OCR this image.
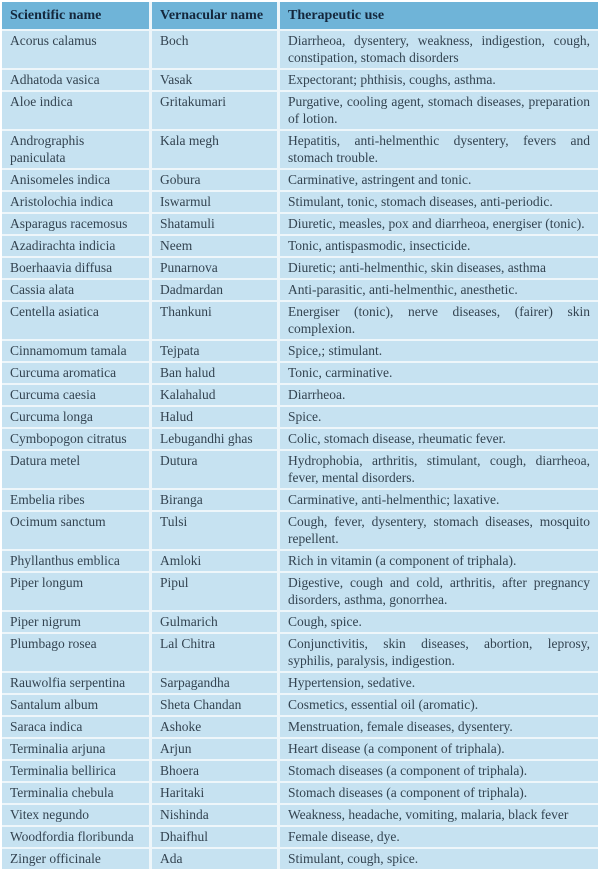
Scientific name	Vernacular name	Therapeutic use
Acorus calamus	Boch	Diarrheoa, dysentery, weakness, indigestion, cough, constipation, stomach disorders
Adhatoda vasica	Vasak	Expectorant; phthisis, coughs, asthma.
Aloe indica	Gritakumari	Purgative, cooling agent, stomach diseases, preparation of lotion.
Andrographis paniculata	Kala megh	Hepatitis, anti-helmenthic dysentery, fevers and stomach trouble.
Anisomeles indica	Gobura	Carminative, astringent and tonic.
Aristolochia indica	Iswarmul	Stimulant, tonic, stomach diseases, anti-periodic.
Asparagus racemosus	Shatamuli	Diuretic, measles, pox and diarrheoa, energiser (tonic).
Azadirachta indicia	Neem	Tonic, antispasmodic, insecticide.
Boerhaavia diffusa	Punarnova	Diuretic; anti-helmenthic, skin diseases, asthma
Cassia alata	Dadmardan	Anti-parasitic, anti-helmenthic, anesthetic.
Centella asiatica	Thankuni	Energiser (tonic), nerve diseases, (fairer) skin complexion.
Cinnamomum tamala	Tejpata	Spice,; stimulant.
Curcuma aromatica	Ban halud	Tonic, carminative.
Curcuma caesia	Kalahalud	Diarrheoa.
Curcuma longa	Halud	Spice.
Cymbopogon citratus	Lebugandhi ghas	Colic, stomach disease, rheumatic fever.
Datura metel	Dutura	Hydrophobia, arthritis, stimulant, cough, diarrheoa, fever, mental disorders.
Embelia ribes	Biranga	Carminative, anti-helmenthic; laxative.
Ocimum sanctum	Tulsi	Cough, fever, dysentery, stomach diseases, mosquito repellent.
Phyllanthus emblica	Amloki	Rich in vitamin (a component of triphala).
Piper longum	Pipul	Digestive, cough and cold, arthritis, after pregnancy disorders, asthma, gonorrhea.
Piper nigrum	Gulmarich	Cough, spice.
Plumbago rosea	Lal Chitra	Conjunctivitis, skin diseases, abortion, leprosy, syphilis, paralysis, indigestion.
Rauwolfia serpentina	Sarpagandha	Hypertension, sedative.
Santalum album	Sheta Chandan	Cosmetics, essential oil (aromatic).
Saraca indica	Ashoke	Menstruation, female diseases, dysentery.
Terminalia arjuna	Arjun	Heart disease (a component of triphala).
Terminalia bellirica	Bhoera	Stomach diseases (a component of triphala).
Terminalia chebula	Haritaki	Stomach diseases (a component of triphala).
Vitex negundo	Nishinda	Weakness, headache, vomiting, malaria, black fever
Woodfordia floribunda	Dhaifhul	Female disease, dye.
Zinger officinale	Ada	Stimulant, cough, spice.
